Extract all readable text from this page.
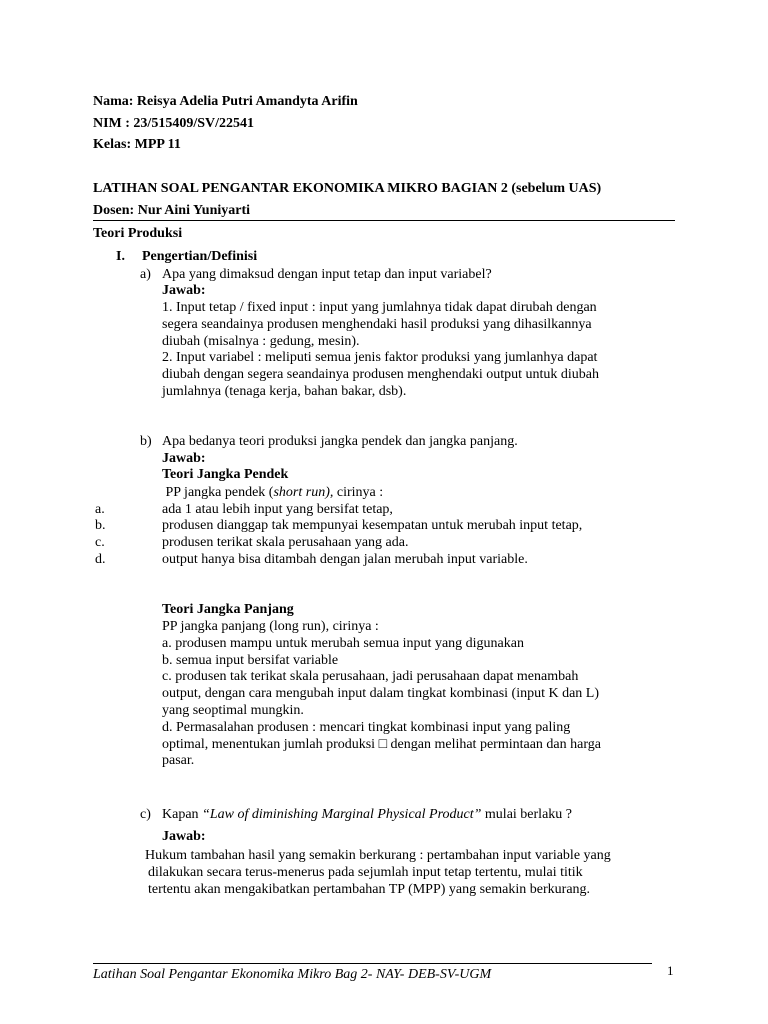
Nama: Reisya Adelia Putri Amandyta Arifin
NIM : 23/515409/SV/22541
Kelas: MPP 11
LATIHAN SOAL PENGANTAR EKONOMIKA MIKRO BAGIAN 2 (sebelum UAS)
Dosen: Nur Aini Yuniyarti
Teori Produksi
I. Pengertian/Definisi
a) Apa yang dimaksud dengan input tetap dan input variabel?
Jawab:
1. Input tetap / fixed input : input yang jumlahnya tidak dapat dirubah dengan
segera seandainya produsen menghendaki hasil produksi yang dihasilkannya
diubah (misalnya : gedung, mesin).
2. Input variabel : meliputi semua jenis faktor produksi yang jumlanhya dapat
diubah dengan segera seandainya produsen menghendaki output untuk diubah
jumlahnya (tenaga kerja, bahan bakar, dsb).
b) Apa bedanya teori produksi jangka pendek dan jangka panjang.
Jawab:
Teori Jangka Pendek
PP jangka pendek (short run), cirinya :
a.	ada 1 atau lebih input yang bersifat tetap,
b.	produsen dianggap tak mempunyai kesempatan untuk merubah input tetap,
c.	produsen terikat skala perusahaan yang ada.
d.	output hanya bisa ditambah dengan jalan merubah input variable.
Teori Jangka Panjang
PP jangka panjang (long run), cirinya :
a. produsen mampu untuk merubah semua input yang digunakan
b. semua input bersifat variable
c. produsen tak terikat skala perusahaan, jadi perusahaan dapat menambah
output, dengan cara mengubah input dalam tingkat kombinasi (input K dan L)
yang seoptimal mungkin.
d. Permasalahan produsen : mencari tingkat kombinasi input yang paling
optimal, menentukan jumlah produksi □ dengan melihat permintaan dan harga
pasar.
c) Kapan “Law of diminishing Marginal Physical Product” mulai berlaku ?
Jawab:
Hukum tambahan hasil yang semakin berkurang : pertambahan input variable yang
dilakukan secara terus-menerus pada sejumlah input tetap tertentu, mulai titik
tertentu akan mengakibatkan pertambahan TP (MPP) yang semakin berkurang.
Latihan Soal Pengantar Ekonomika Mikro Bag 2- NAY- DEB-SV-UGM	1
